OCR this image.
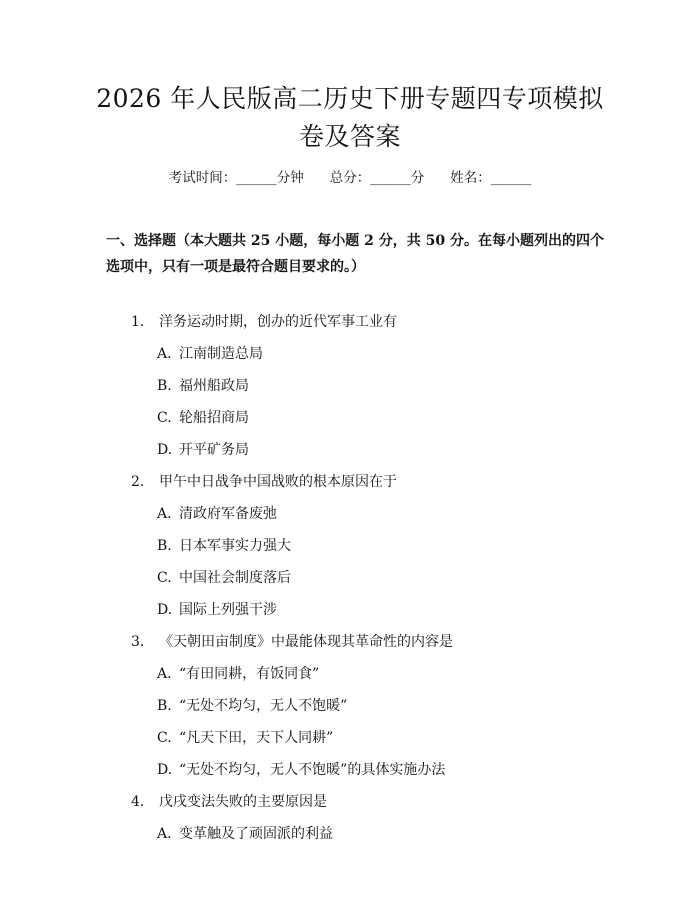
2026 年人民版高二历史下册专题四专项模拟
卷及答案
考试时间：______分钟 总分：______分 姓名：______
一、选择题（本大题共 25 小题，每小题 2 分，共 50 分。在每小题列出的四个选项中，只有一项是最符合题目要求的。）
1. 洋务运动时期，创办的近代军事工业有
A. 江南制造总局
B. 福州船政局
C. 轮船招商局
D. 开平矿务局
2. 甲午中日战争中国战败的根本原因在于
A. 清政府军备废弛
B. 日本军事实力强大
C. 中国社会制度落后
D. 国际上列强干涉
3. 《天朝田亩制度》中最能体现其革命性的内容是
A. “有田同耕，有饭同食”
B. “无处不均匀，无人不饱暖”
C. “凡天下田，天下人同耕”
D. “无处不均匀，无人不饱暖”的具体实施办法
4. 戊戌变法失败的主要原因是
A. 变革触及了顽固派的利益
